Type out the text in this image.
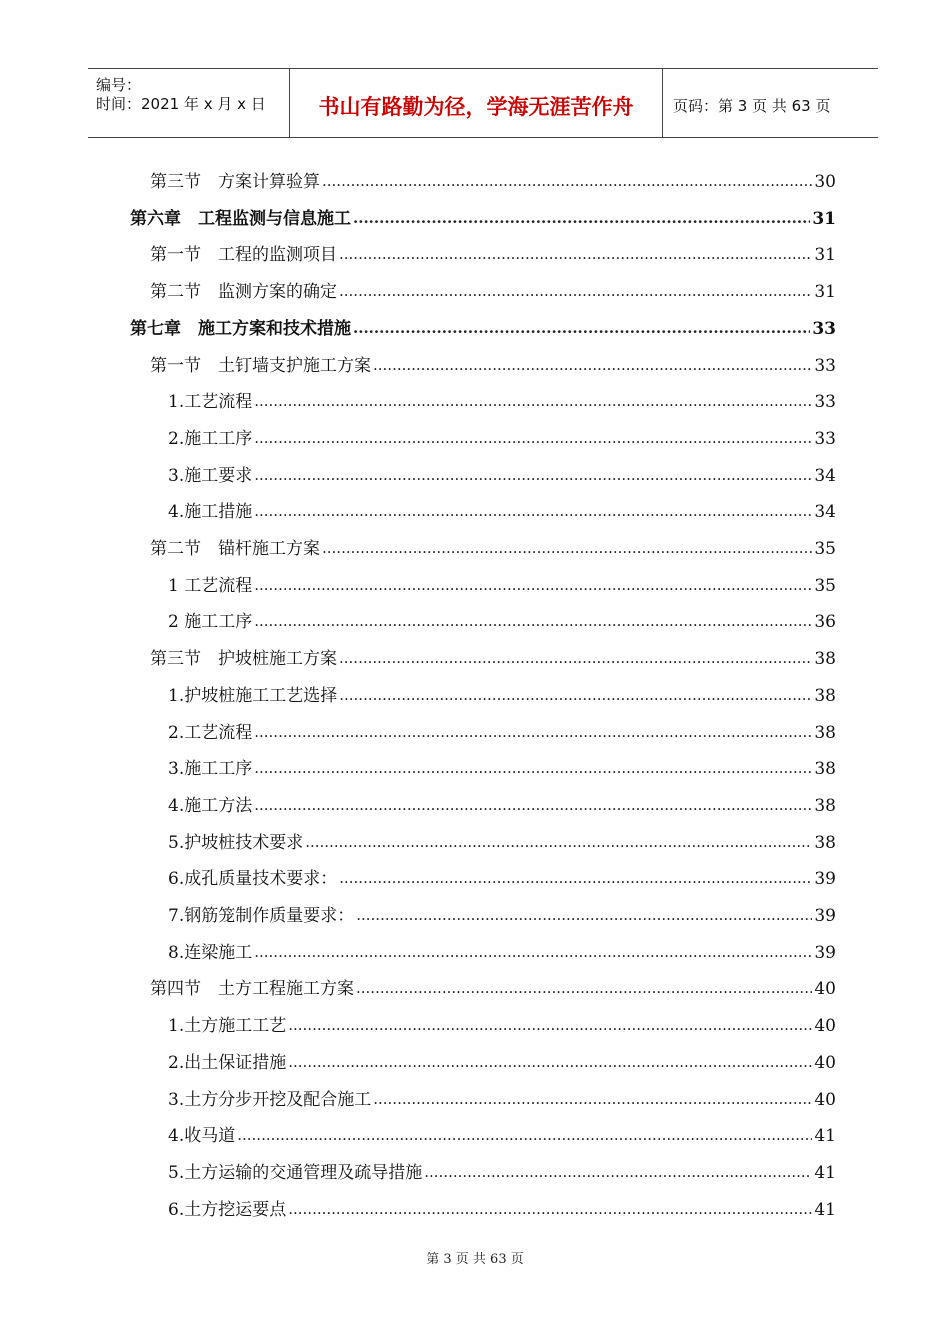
编号：
时间：2021 年 x 月 x 日	书山有路勤为径，学海无涯苦作舟	页码：第 3 页 共 63 页
第三节　方案计算验算 .....	30
第六章　工程监测与信息施工 .....	31
第一节　工程的监测项目 .....	31
第二节　监测方案的确定 .....	31
第七章　施工方案和技术措施 .....	33
第一节　土钉墙支护施工方案 .....	33
1.工艺流程 .....	33
2.施工工序 .....	33
3.施工要求 .....	34
4.施工措施 .....	34
第二节　锚杆施工方案 .....	35
1 工艺流程 .....	35
2 施工工序 .....	36
第三节　护坡桩施工方案 .....	38
1.护坡桩施工工艺选择 .....	38
2.工艺流程 .....	38
3.施工工序 .....	38
4.施工方法 .....	38
5.护坡桩技术要求 .....	38
6.成孔质量技术要求： .....	39
7.钢筋笼制作质量要求： .....	39
8.连梁施工 .....	39
第四节　土方工程施工方案 .....	40
1.土方施工工艺 .....	40
2.出土保证措施 .....	40
3.土方分步开挖及配合施工 .....	40
4.收马道 .....	41
5.土方运输的交通管理及疏导措施 .....	41
6.土方挖运要点 .....	41
第 3 页 共 63 页
